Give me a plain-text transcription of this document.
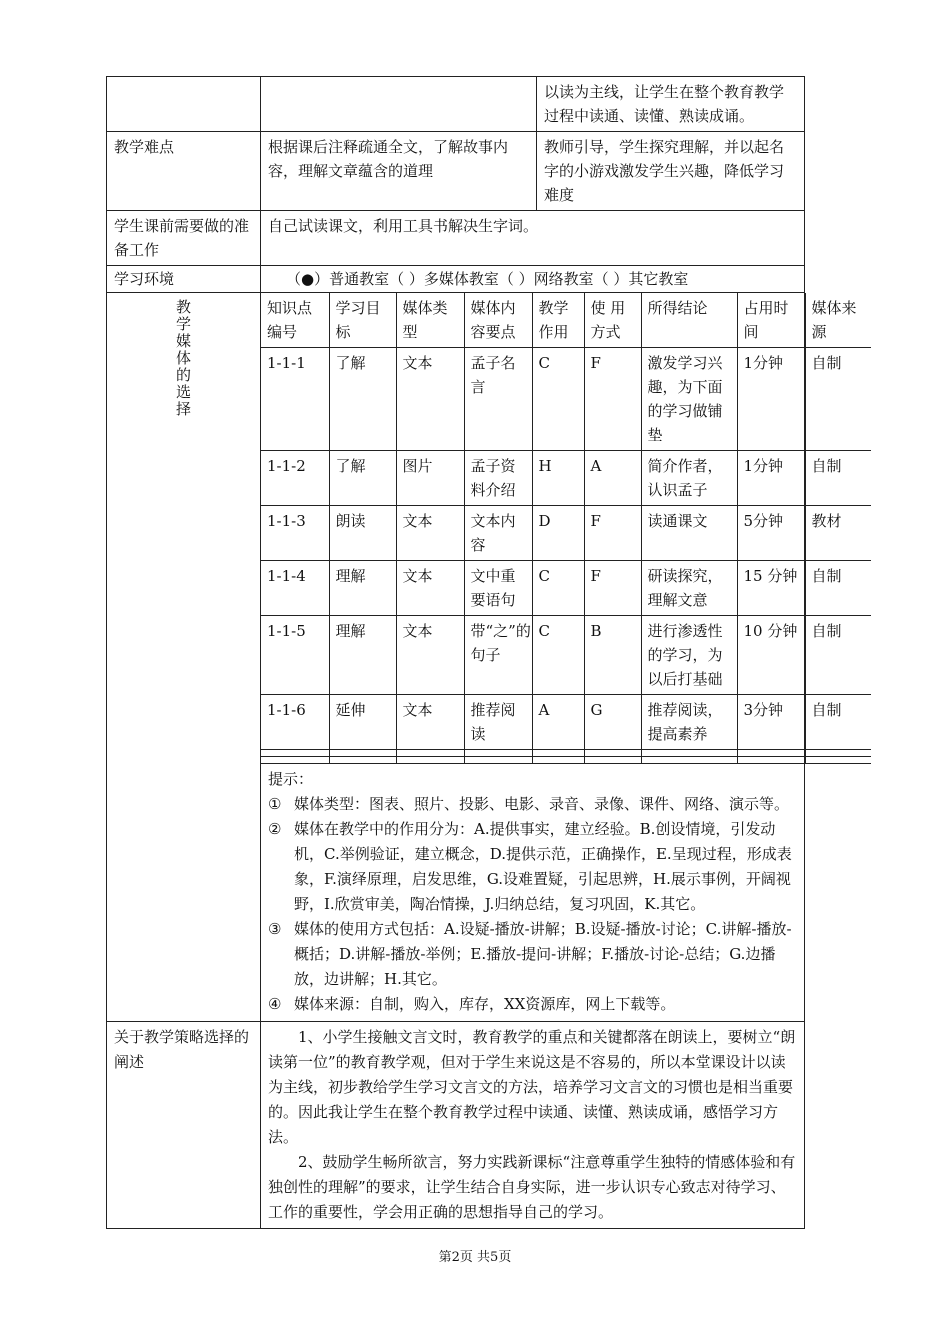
		以读为主线，让学生在整个教育教学过程中读通、读懂、熟读成诵。
教学难点	根据课后注释疏通全文，了解故事内容，理解文章蕴含的道理	教师引导，学生探究理解，并以起名字的小游戏激发学生兴趣，降低学习难度
学生课前需要做的准备工作	自己试读课文，利用工具书解决生字词。
学习环境	（●）普通教室（ ）多媒体教室（ ）网络教室（ ）其它教室

教学媒体的选择

知识点编号	学习目标	媒体类型	媒体内容要点	教学作用	使 用方式	所得结论	占用时间	媒体来源
1-1-1	了解	文本	孟子名言	C	F	激发学习兴趣，为下面的学习做铺垫	1分钟	自制
1-1-2	了解	图片	孟子资料介绍	H	A	简介作者，认识孟子	1分钟	自制
1-1-3	朗读	文本	文本内容	D	F	读通课文	5分钟	教材
1-1-4	理解	文本	文中重要语句	C	F	研读探究，理解文意	15 分钟	自制
1-1-5	理解	文本	带“之”的句子	C	B	进行渗透性的学习，为以后打基础	10 分钟	自制
1-1-6	延伸	文本	推荐阅读	A	G	推荐阅读，提高素养	3分钟	自制

提示：
① 媒体类型：图表、照片、投影、电影、录音、录像、课件、网络、演示等。
② 媒体在教学中的作用分为：A.提供事实，建立经验。B.创设情境，引发动机，C.举例验证，建立概念，D.提供示范，正确操作，E.呈现过程，形成表象，F.演绎原理，启发思维，G.设难置疑，引起思辨，H.展示事例，开阔视野，I.欣赏审美，陶冶情操，J.归纳总结，复习巩固，K.其它。
③ 媒体的使用方式包括：A.设疑-播放-讲解；B.设疑-播放-讨论；C.讲解-播放-概括；D.讲解-播放-举例；E.播放-提问-讲解；F.播放-讨论-总结；G.边播放，边讲解；H.其它。
④ 媒体来源：自制，购入，库存，XX资源库，网上下载等。

关于教学策略选择的阐述	

1、小学生接触文言文时，教育教学的重点和关键都落在朗读上，要树立“朗读第一位”的教育教学观，但对于学生来说这是不容易的，所以本堂课设计以读为主线，初步教给学生学习文言文的方法，培养学习文言文的习惯也是相当重要的。因此我让学生在整个教育教学过程中读通、读懂、熟读成诵，感悟学习方法。

2、鼓励学生畅所欲言，努力实践新课标“注意尊重学生独特的情感体验和有独创性的理解”的要求，让学生结合自身实际，进一步认识专心致志对待学习、工作的重要性，学会用正确的思想指导自己的学习。

第2页 共5页
